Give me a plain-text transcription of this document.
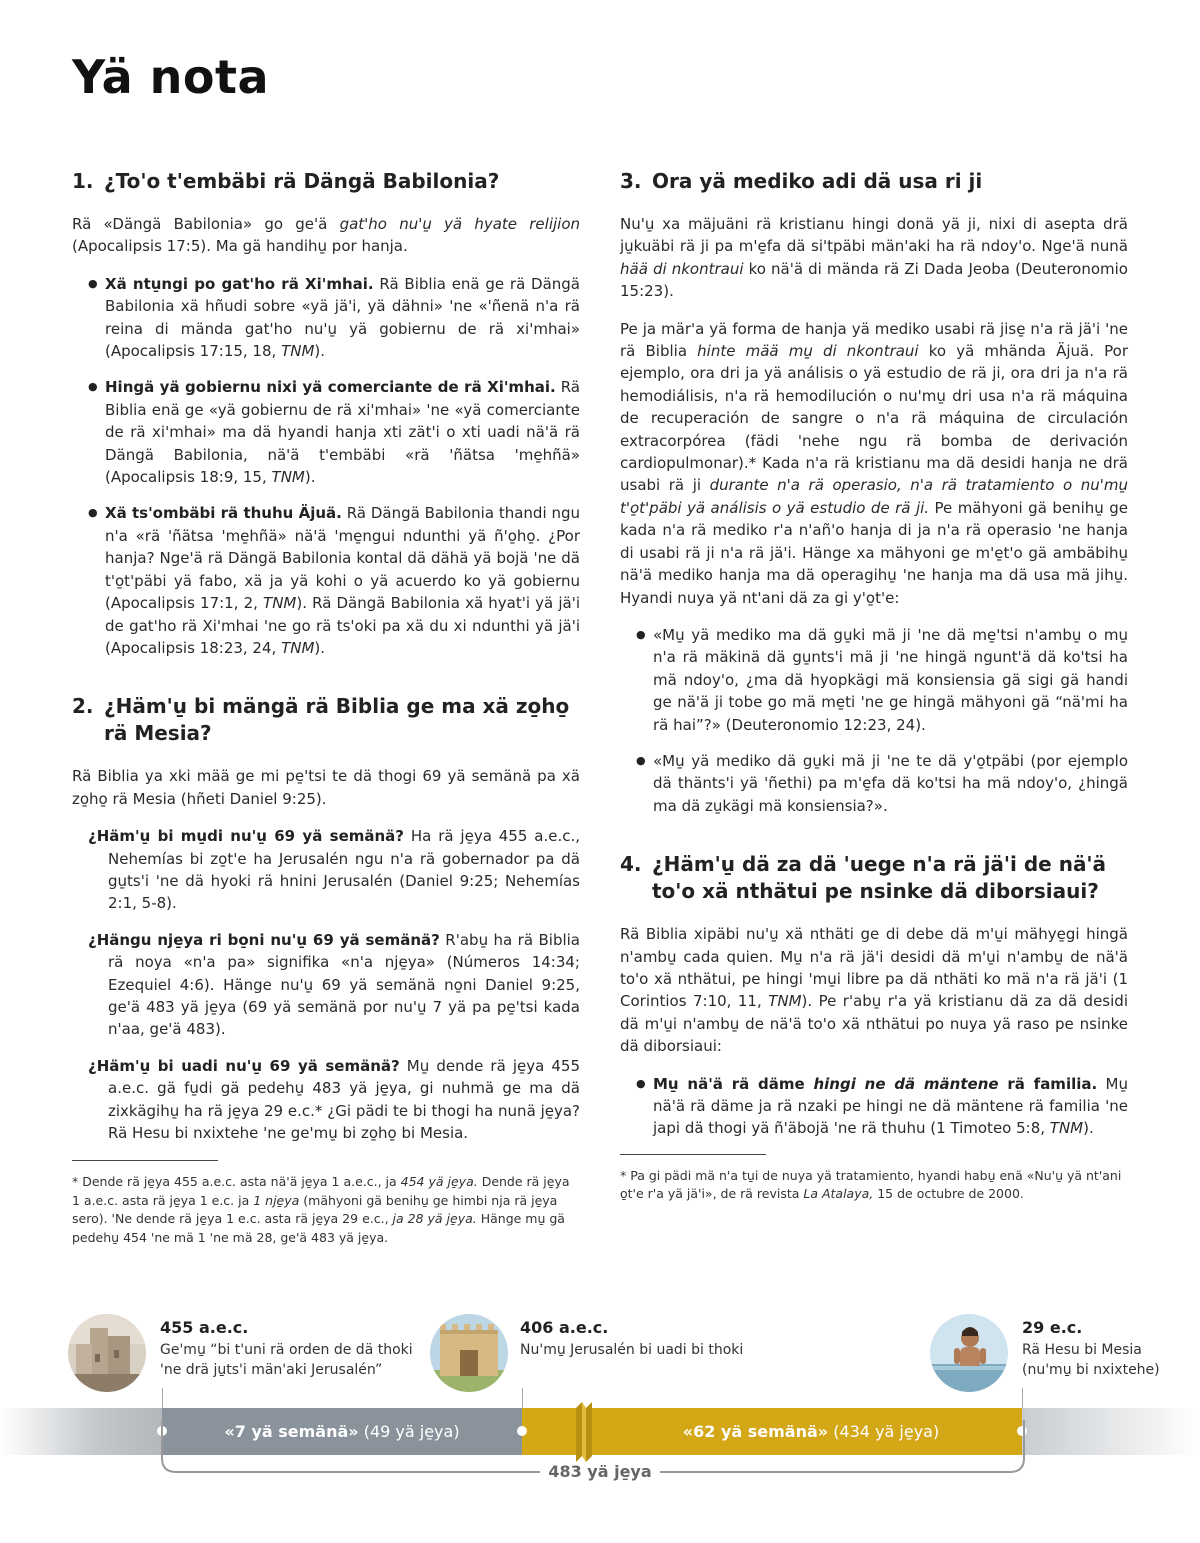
Yä nota
1. ¿To'o t'embäbi rä Dängä Babilonia?

Rä «Dängä Babilonia» go ge'ä gat'ho nu'u̱ yä hyate relijion (Apocalipsis 17:5). Ma gä handihu̱ por hanja.

● Xä ntu̱ngi po gat'ho rä Xi'mhai. Rä Biblia enä ge rä Dängä Babilonia xä hñudi sobre «yä jä'i, yä dähni» 'ne «'ñenä n'a rä reina di mända gat'ho nu'u̱ yä gobiernu de rä xi'mhai» (Apocalipsis 17:15, 18, TNM).
● Hingä yä gobiernu nixi yä comerciante de rä Xi'mhai. Rä Biblia enä ge «yä gobiernu de rä xi'mhai» 'ne «yä comerciante de rä xi'mhai» ma dä hyandi hanja xti zät'i o xti uadi nä'ä rä Dängä Babilonia, nä'ä t'embäbi «rä 'ñätsa 'me̱hñä» (Apocalipsis 18:9, 15, TNM).
● Xä ts'ombäbi rä thuhu Äjuä. Rä Dängä Babilonia thandi ngu n'a «rä 'ñätsa 'me̱hñä» nä'ä 'me̱ngui ndunthi yä ñ'o̱ho̱. ¿Por hanja? Nge'ä rä Dängä Babilonia kontal dä dähä yä bojä 'ne dä t'o̱t'päbi yä fabo, xä ja yä kohi o yä acuerdo ko yä gobiernu (Apocalipsis 17:1, 2, TNM). Rä Dängä Babilonia xä hyat'i yä jä'i de gat'ho rä Xi'mhai 'ne go rä ts'oki pa xä du xi ndunthi yä jä'i (Apocalipsis 18:23, 24, TNM).
2. ¿Häm'u̱ bi mängä rä Biblia ge ma xä zo̱ho̱ rä Mesia?

Rä Biblia ya xki mää ge mi pe̱'tsi te dä thogi 69 yä semänä pa xä zo̱ho̱ rä Mesia (hñeti Daniel 9:25).

¿Häm'u̱ bi mu̱di nu'u̱ 69 yä semänä? Ha rä je̱ya 455 a.e.c., Nehemías bi zo̱t'e ha Jerusalén ngu n'a rä gobernador pa dä gu̱ts'i 'ne dä hyoki rä hnini Jerusalén (Daniel 9:25; Nehemías 2:1, 5-8).
¿Hängu nje̱ya ri bo̱ni nu'u̱ 69 yä semänä? R'abu̱ ha rä Biblia rä noya «n'a pa» signifika «n'a nje̱ya» (Números 14:34; Ezequiel 4:6). Hänge nu'u̱ 69 yä semänä no̱ni Daniel 9:25, ge'ä 483 yä je̱ya (69 yä semänä por nu'u̱ 7 yä pa pe̱'tsi kada n'aa, ge'ä 483).
¿Häm'u̱ bi uadi nu'u̱ 69 yä semänä? Mu̱ dende rä je̱ya 455 a.e.c. gä fu̱di gä pedehu̱ 483 yä je̱ya, gi nuhmä ge ma dä zixkägihu̱ ha rä je̱ya 29 e.c.* ¿Gi pädi te bi thogi ha nunä je̱ya? Rä Hesu bi nxixtehe 'ne ge'mu̱ bi zo̱ho̱ bi Mesia.

* Dende rä je̱ya 455 a.e.c. asta nä'ä je̱ya 1 a.e.c., ja 454 yä je̱ya. Dende rä je̱ya 1 a.e.c. asta rä je̱ya 1 e.c. ja 1 nje̱ya (mähyoni gä benihu̱ ge himbi nja rä je̱ya sero). 'Ne dende rä je̱ya 1 e.c. asta rä je̱ya 29 e.c., ja 28 yä je̱ya. Hänge mu̱ gä pedehu̱ 454 'ne mä 1 'ne mä 28, ge'ä 483 yä je̱ya.

3. Ora yä mediko adi dä usa ri ji

Nu'u̱ xa mäjuäni rä kristianu hingi donä yä ji, nixi di asepta drä ju̱kuäbi rä ji pa m'e̱fa dä si'tpäbi män'aki ha rä ndoy'o. Nge'ä nunä hää di nkontraui ko nä'ä di mända rä Zi Dada Jeoba (Deuteronomio 15:23).

Pe ja mär'a yä forma de hanja yä mediko usabi rä jise̱ n'a rä jä'i 'ne rä Biblia hinte mää mu̱ di nkontraui ko yä mhända Äjuä. Por ejemplo, ora dri ja yä análisis o yä estudio de rä ji, ora dri ja n'a rä hemodiálisis, n'a rä hemodilución o nu'mu̱ dri usa n'a rä máquina de recuperación de sangre o n'a rä máquina de circulación extracorpórea (fädi 'nehe ngu rä bomba de derivación cardiopulmonar).* Kada n'a rä kristianu ma dä desidi hanja ne drä usabi rä ji durante n'a rä operasio, n'a rä tratamiento o nu'mu̱ t'o̱t'päbi yä análisis o yä estudio de rä ji. Pe mähyoni gä benihu̱ ge kada n'a rä mediko r'a n'añ'o hanja di ja n'a rä operasio 'ne hanja di usabi rä ji n'a rä jä'i. Hänge xa mähyoni ge m'e̱t'o gä ambäbihu̱ nä'ä mediko hanja ma dä operagihu̱ 'ne hanja ma dä usa mä jihu̱. Hyandi nuya yä nt'ani dä za gi y'o̱t'e:

● «Mu̱ yä mediko ma dä gu̱ki mä ji 'ne dä me̱'tsi n'ambu̱ o mu̱ n'a rä mäkinä dä gu̱nts'i mä ji 'ne hingä ngunt'ä dä ko'tsi ha mä ndoy'o, ¿ma dä hyopkägi mä konsiensia gä sigi gä handi ge nä'ä ji tobe go mä me̱ti 'ne ge hingä mähyoni gä “nä'mi ha rä hai”?» (Deuteronomio 12:23, 24).
● «Mu̱ yä mediko dä gu̱ki mä ji 'ne te dä y'o̱tpäbi (por ejemplo dä thänts'i yä 'ñethi) pa m'e̱fa dä ko'tsi ha mä ndoy'o, ¿hingä ma dä zu̱kägi mä konsiensia?».
4. ¿Häm'u̱ dä za dä 'uege n'a rä jä'i de nä'ä to'o xä nthätui pe nsinke dä diborsiaui?

Rä Biblia xipäbi nu'u̱ xä nthäti ge di debe dä m'u̱i mähye̱gi hingä n'ambu̱ cada quien. Mu̱ n'a rä jä'i desidi dä m'u̱i n'ambu̱ de nä'ä to'o xä nthätui, pe hingi 'mu̱i libre pa dä nthäti ko mä n'a rä jä'i (1 Corintios 7:10, 11, TNM). Pe r'abu̱ r'a yä kristianu dä za dä desidi dä m'u̱i n'ambu̱ de nä'ä to'o xä nthätui po nuya yä raso pe nsinke dä diborsiaui:

● Mu̱ nä'ä rä däme hingi ne dä mäntene rä familia. Mu̱ nä'ä rä däme ja rä nzaki pe hingi ne dä mäntene rä familia 'ne japi dä thogi yä ñ'äbojä 'ne rä thuhu (1 Timoteo 5:8, TNM).

* Pa gi pädi mä n'a tu̱i de nuya yä tratamiento, hyandi habu̱ enä «Nu'u̱ yä nt'ani o̱t'e r'a yä jä'i», de rä revista La Atalaya, 15 de octubre de 2000.

455 a.e.c.
Ge'mu̱ “bi t'uni rä orden de dä thoki
'ne drä ju̱ts'i män'aki Jerusalén”
406 a.e.c.
Nu'mu̱ Jerusalén bi uadi bi thoki
29 e.c.
Rä Hesu bi Mesia
(nu'mu̱ bi nxixtehe)
«7 yä semänä» (49 yä je̱ya)	«62 yä semänä» (434 yä je̱ya)
483 yä je̱ya
